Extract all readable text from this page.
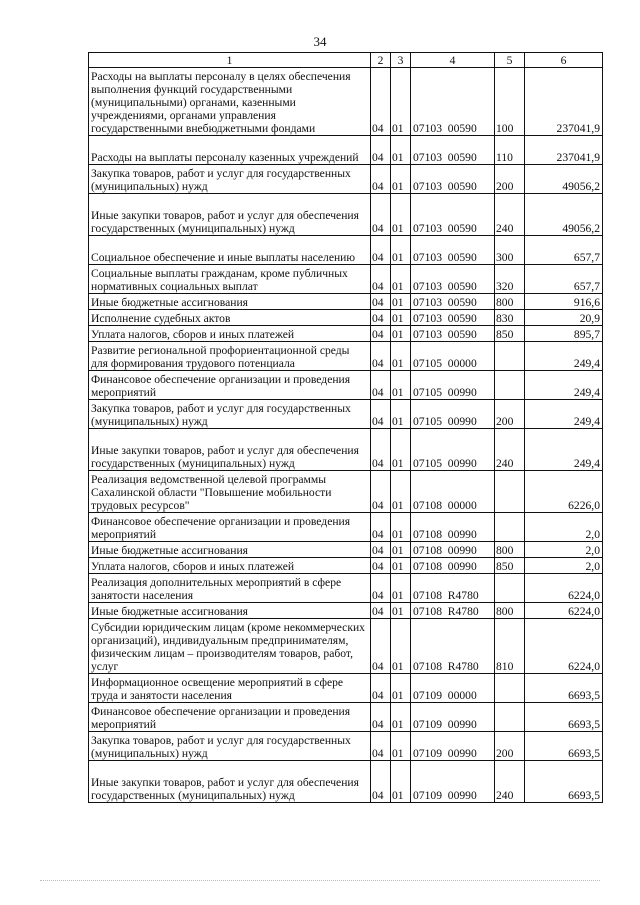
34
1	2	3	4	5	6
Расходы на выплаты персоналу в целях обеспечения выполнения функций государственными (муниципальными) органами, казенными учреждениями, органами управления государственными внебюджетными фондами	04	01	07103  00590	100	237041,9
Расходы на выплаты персоналу казенных учреждений	04	01	07103  00590	110	237041,9
Закупка товаров, работ и услуг для государственных (муниципальных) нужд	04	01	07103  00590	200	49056,2
Иные закупки товаров, работ и услуг для обеспечения государственных (муниципальных) нужд	04	01	07103  00590	240	49056,2
Социальное обеспечение и иные выплаты населению	04	01	07103  00590	300	657,7
Социальные выплаты гражданам, кроме публичных нормативных социальных выплат	04	01	07103  00590	320	657,7
Иные бюджетные ассигнования	04	01	07103  00590	800	916,6
Исполнение судебных актов	04	01	07103  00590	830	20,9
Уплата налогов, сборов и иных платежей	04	01	07103  00590	850	895,7
Развитие региональной профориентационной среды для формирования трудового потенциала	04	01	07105  00000		249,4
Финансовое обеспечение организации и проведения мероприятий	04	01	07105  00990		249,4
Закупка товаров, работ и услуг для государственных (муниципальных) нужд	04	01	07105  00990	200	249,4
Иные закупки товаров, работ и услуг для обеспечения государственных (муниципальных) нужд	04	01	07105  00990	240	249,4
Реализация ведомственной целевой программы Сахалинской области "Повышение мобильности трудовых ресурсов"	04	01	07108  00000		6226,0
Финансовое обеспечение организации и проведения мероприятий	04	01	07108  00990		2,0
Иные бюджетные ассигнования	04	01	07108  00990	800	2,0
Уплата налогов, сборов и иных платежей	04	01	07108  00990	850	2,0
Реализация дополнительных мероприятий в сфере занятости населения	04	01	07108  R4780		6224,0
Иные бюджетные ассигнования	04	01	07108  R4780	800	6224,0
Субсидии юридическим лицам (кроме некоммерческих организаций), индивидуальным предпринимателям, физическим лицам – производителям товаров, работ, услуг	04	01	07108  R4780	810	6224,0
Информационное освещение мероприятий в сфере труда и занятости населения	04	01	07109  00000		6693,5
Финансовое обеспечение организации и проведения мероприятий	04	01	07109  00990		6693,5
Закупка товаров, работ и услуг для государственных (муниципальных) нужд	04	01	07109  00990	200	6693,5
Иные закупки товаров, работ и услуг для обеспечения государственных (муниципальных) нужд	04	01	07109  00990	240	6693,5
